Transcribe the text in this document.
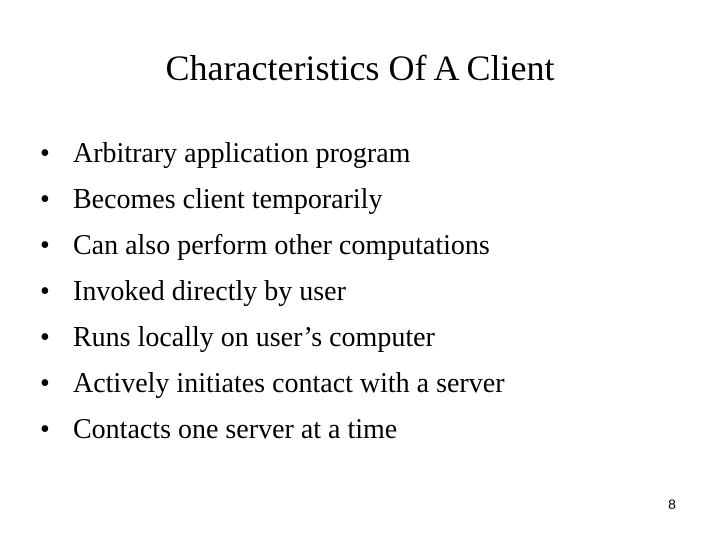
Characteristics Of A Client
• Arbitrary application program
• Becomes client temporarily
• Can also perform other computations
• Invoked directly by user
• Runs locally on user’s computer
• Actively initiates contact with a server
• Contacts one server at a time
8
